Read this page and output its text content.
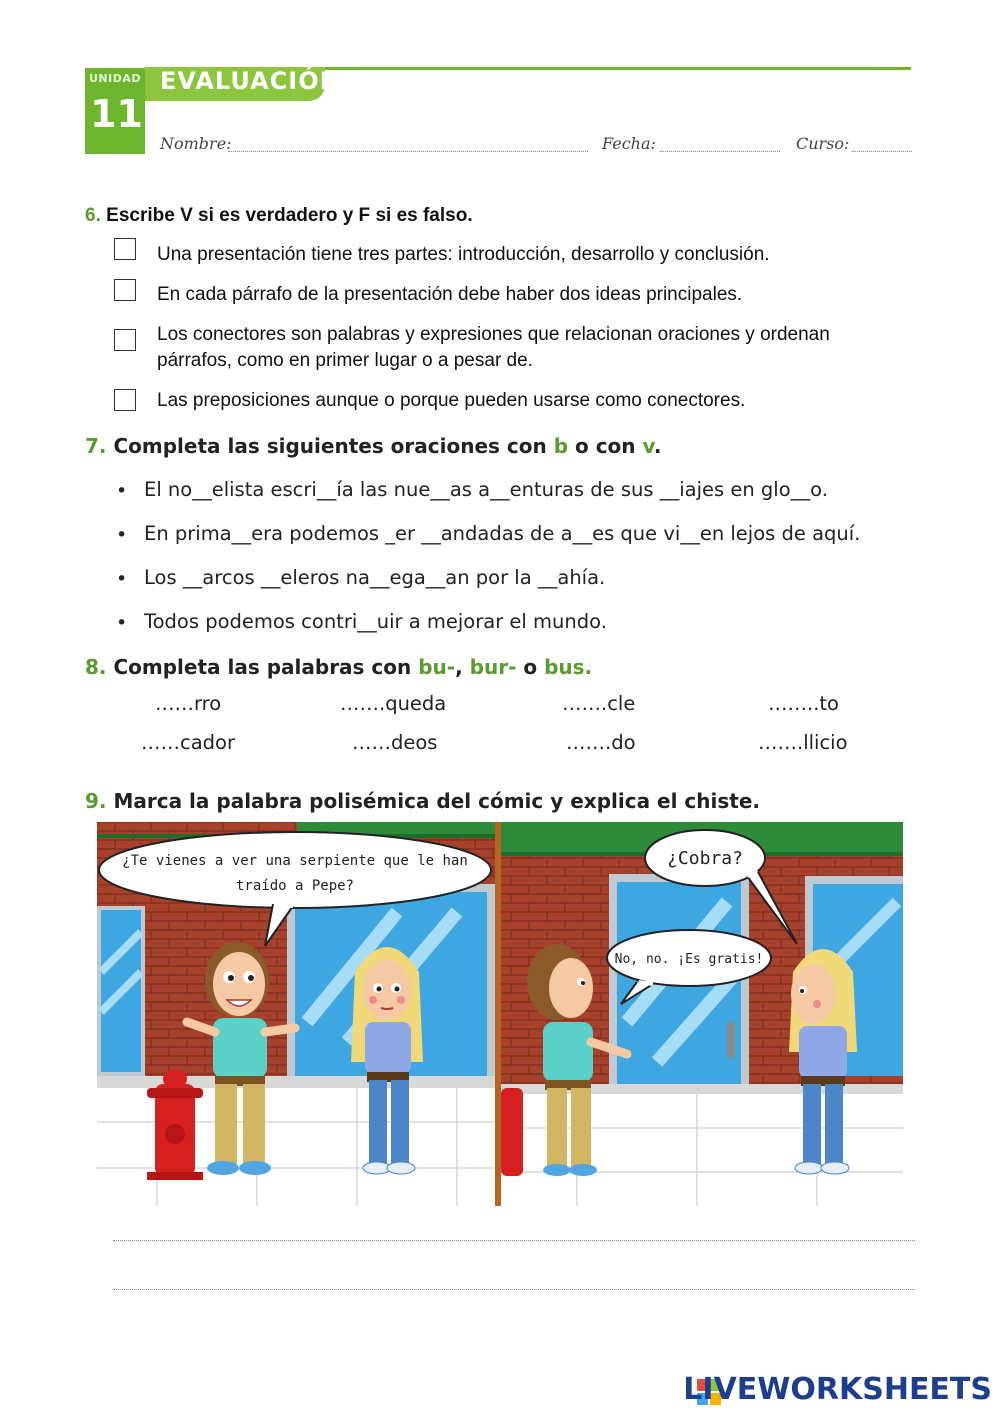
EVALUACIÓN
UNIDAD
11
Nombre:	Fecha:	Curso:
6. Escribe V si es verdadero y F si es falso.
Una presentación tiene tres partes: introducción, desarrollo y conclusión.
En cada párrafo de la presentación debe haber dos ideas principales.
Los conectores son palabras y expresiones que relacionan oraciones y ordenan
párrafos, como en primer lugar o a pesar de.
Las preposiciones aunque o porque pueden usarse como conectores.
7. Completa las siguientes oraciones con b o con v.
• El no__elista escri__ía las nue__as a__enturas de sus __iajes en glo__o.
• En prima__era podemos _er __andadas de a__es que vi__en lejos de aquí.
• Los __arcos __eleros na__ega__an por la __ahía.
• Todos podemos contri__uir a mejorar el mundo.
8. Completa las palabras con bu-, bur- o bus.
……rro	…….queda	…….cle	……..to
……cador	……deos	…….do	…….llicio
9. Marca la palabra polisémica del cómic y explica el chiste.
¿Te vienes a ver una serpiente que le han
traído a Pepe?
¿Cobra?
No, no. ¡Es gratis!
LIVEWORKSHEETS
